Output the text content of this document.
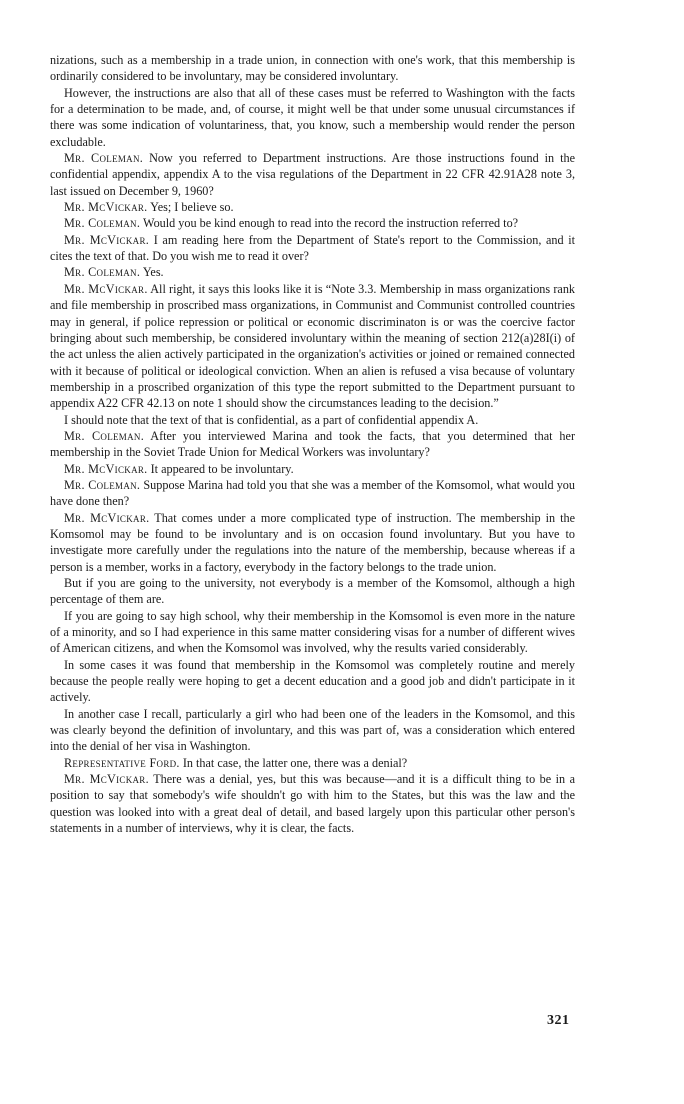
nizations, such as a membership in a trade union, in connection with one's work, that this membership is ordinarily considered to be involuntary, may be considered involuntary.

However, the instructions are also that all of these cases must be referred to Washington with the facts for a determination to be made, and, of course, it might well be that under some unusual circumstances if there was some indication of voluntariness, that, you know, such a membership would render the person excludable.

Mr. Coleman. Now you referred to Department instructions. Are those instructions found in the confidential appendix, appendix A to the visa regulations of the Department in 22 CFR 42.91A28 note 3, last issued on December 9, 1960?

Mr. McVickar. Yes; I believe so.

Mr. Coleman. Would you be kind enough to read into the record the instruction referred to?

Mr. McVickar. I am reading here from the Department of State's report to the Commission, and it cites the text of that. Do you wish me to read it over?

Mr. Coleman. Yes.

Mr. McVickar. All right, it says this looks like it is “Note 3.3. Membership in mass organizations rank and file membership in proscribed mass organizations, in Communist and Communist controlled countries may in general, if police repression or political or economic discriminaton is or was the coercive factor bringing about such membership, be considered involuntary within the meaning of section 212(a)28I(i) of the act unless the alien actively participated in the organization's activities or joined or remained connected with it because of political or ideological conviction. When an alien is refused a visa because of voluntary membership in a proscribed organization of this type the report submitted to the Department pursuant to appendix A22 CFR 42.13 on note 1 should show the circumstances leading to the decision.”

I should note that the text of that is confidential, as a part of confidential appendix A.

Mr. Coleman. After you interviewed Marina and took the facts, that you determined that her membership in the Soviet Trade Union for Medical Workers was involuntary?

Mr. McVickar. It appeared to be involuntary.

Mr. Coleman. Suppose Marina had told you that she was a member of the Komsomol, what would you have done then?

Mr. McVickar. That comes under a more complicated type of instruction. The membership in the Komsomol may be found to be involuntary and is on occasion found involuntary. But you have to investigate more carefully under the regulations into the nature of the membership, because whereas if a person is a member, works in a factory, everybody in the factory belongs to the trade union.

But if you are going to the university, not everybody is a member of the Komsomol, although a high percentage of them are.

If you are going to say high school, why their membership in the Komsomol is even more in the nature of a minority, and so I had experience in this same matter considering visas for a number of different wives of American citizens, and when the Komsomol was involved, why the results varied considerably.

In some cases it was found that membership in the Komsomol was completely routine and merely because the people really were hoping to get a decent education and a good job and didn't participate in it actively.

In another case I recall, particularly a girl who had been one of the leaders in the Komsomol, and this was clearly beyond the definition of involuntary, and this was part of, was a consideration which entered into the denial of her visa in Washington.

Representative Ford. In that case, the latter one, there was a denial?

Mr. McVickar. There was a denial, yes, but this was because—and it is a difficult thing to be in a position to say that somebody's wife shouldn't go with him to the States, but this was the law and the question was looked into with a great deal of detail, and based largely upon this particular other person's statements in a number of interviews, why it is clear, the facts.

321
